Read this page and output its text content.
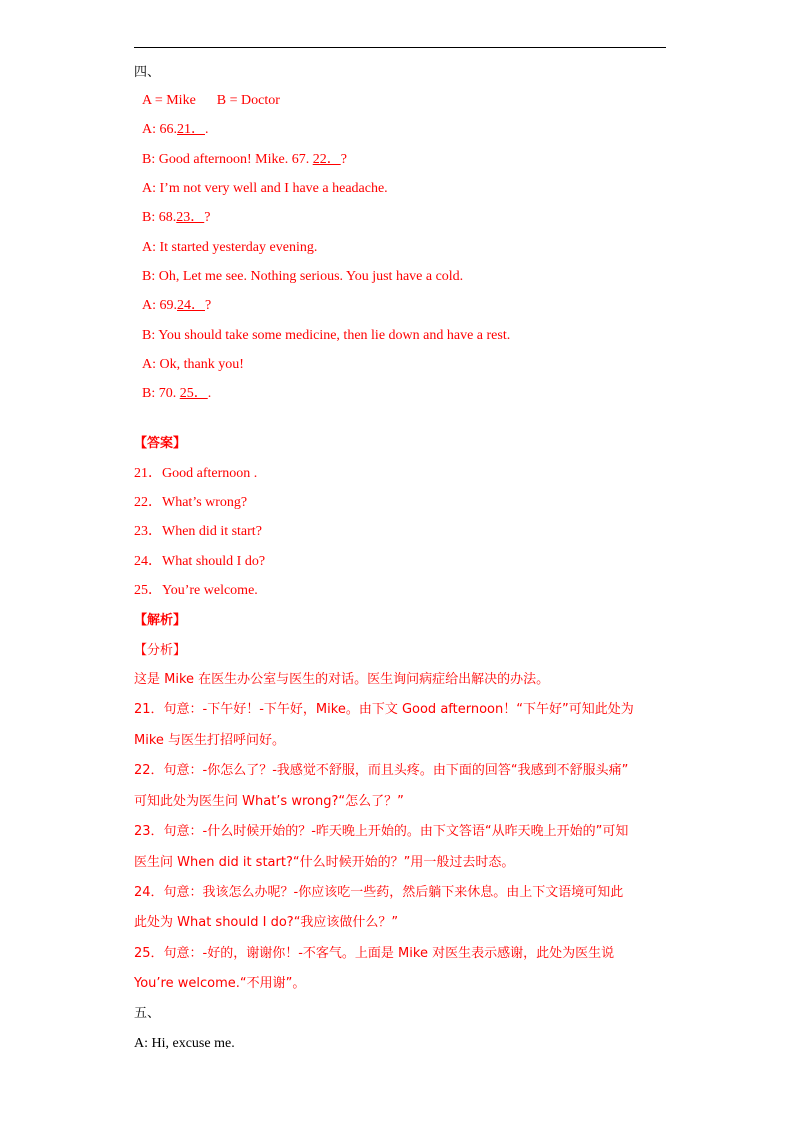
四、
A = Mike      B = Doctor
A: 66.21．.
B: Good afternoon! Mike. 67. 22．?
A: I’m not very well and I have a headache.
B: 68.23．?
A: It started yesterday evening.
B: Oh, Let me see. Nothing serious. You just have a cold.
A: 69.24．?
B: You should take some medicine, then lie down and have a rest.
A: Ok, thank you!
B: 70. 25．.
【答案】
21．Good afternoon .
22．What’s wrong?
23．When did it start?
24．What should I do?
25．You’re welcome.
【解析】
【分析】
这是 Mike 在医生办公室与医生的对话。医生询问病症给出解决的办法。
21．句意：-下午好！-下午好，Mike。由下文 Good afternoon！“下午好”可知此处为
Mike 与医生打招呼问好。
22．句意：-你怎么了？-我感觉不舒服，而且头疼。由下面的回答“我感到不舒服头痛”
可知此处为医生问 What’s wrong?“怎么了？”
23．句意：-什么时候开始的？-昨天晚上开始的。由下文答语“从昨天晚上开始的”可知
医生问 When did it start?“什么时候开始的？”用一般过去时态。
24．句意：我该怎么办呢？-你应该吃一些药，然后躺下来休息。由上下文语境可知此
此处为 What should I do?“我应该做什么？”
25．句意：-好的，谢谢你！-不客气。上面是 Mike 对医生表示感谢，此处为医生说
You’re welcome.“不用谢”。
五、
A: Hi, excuse me.
